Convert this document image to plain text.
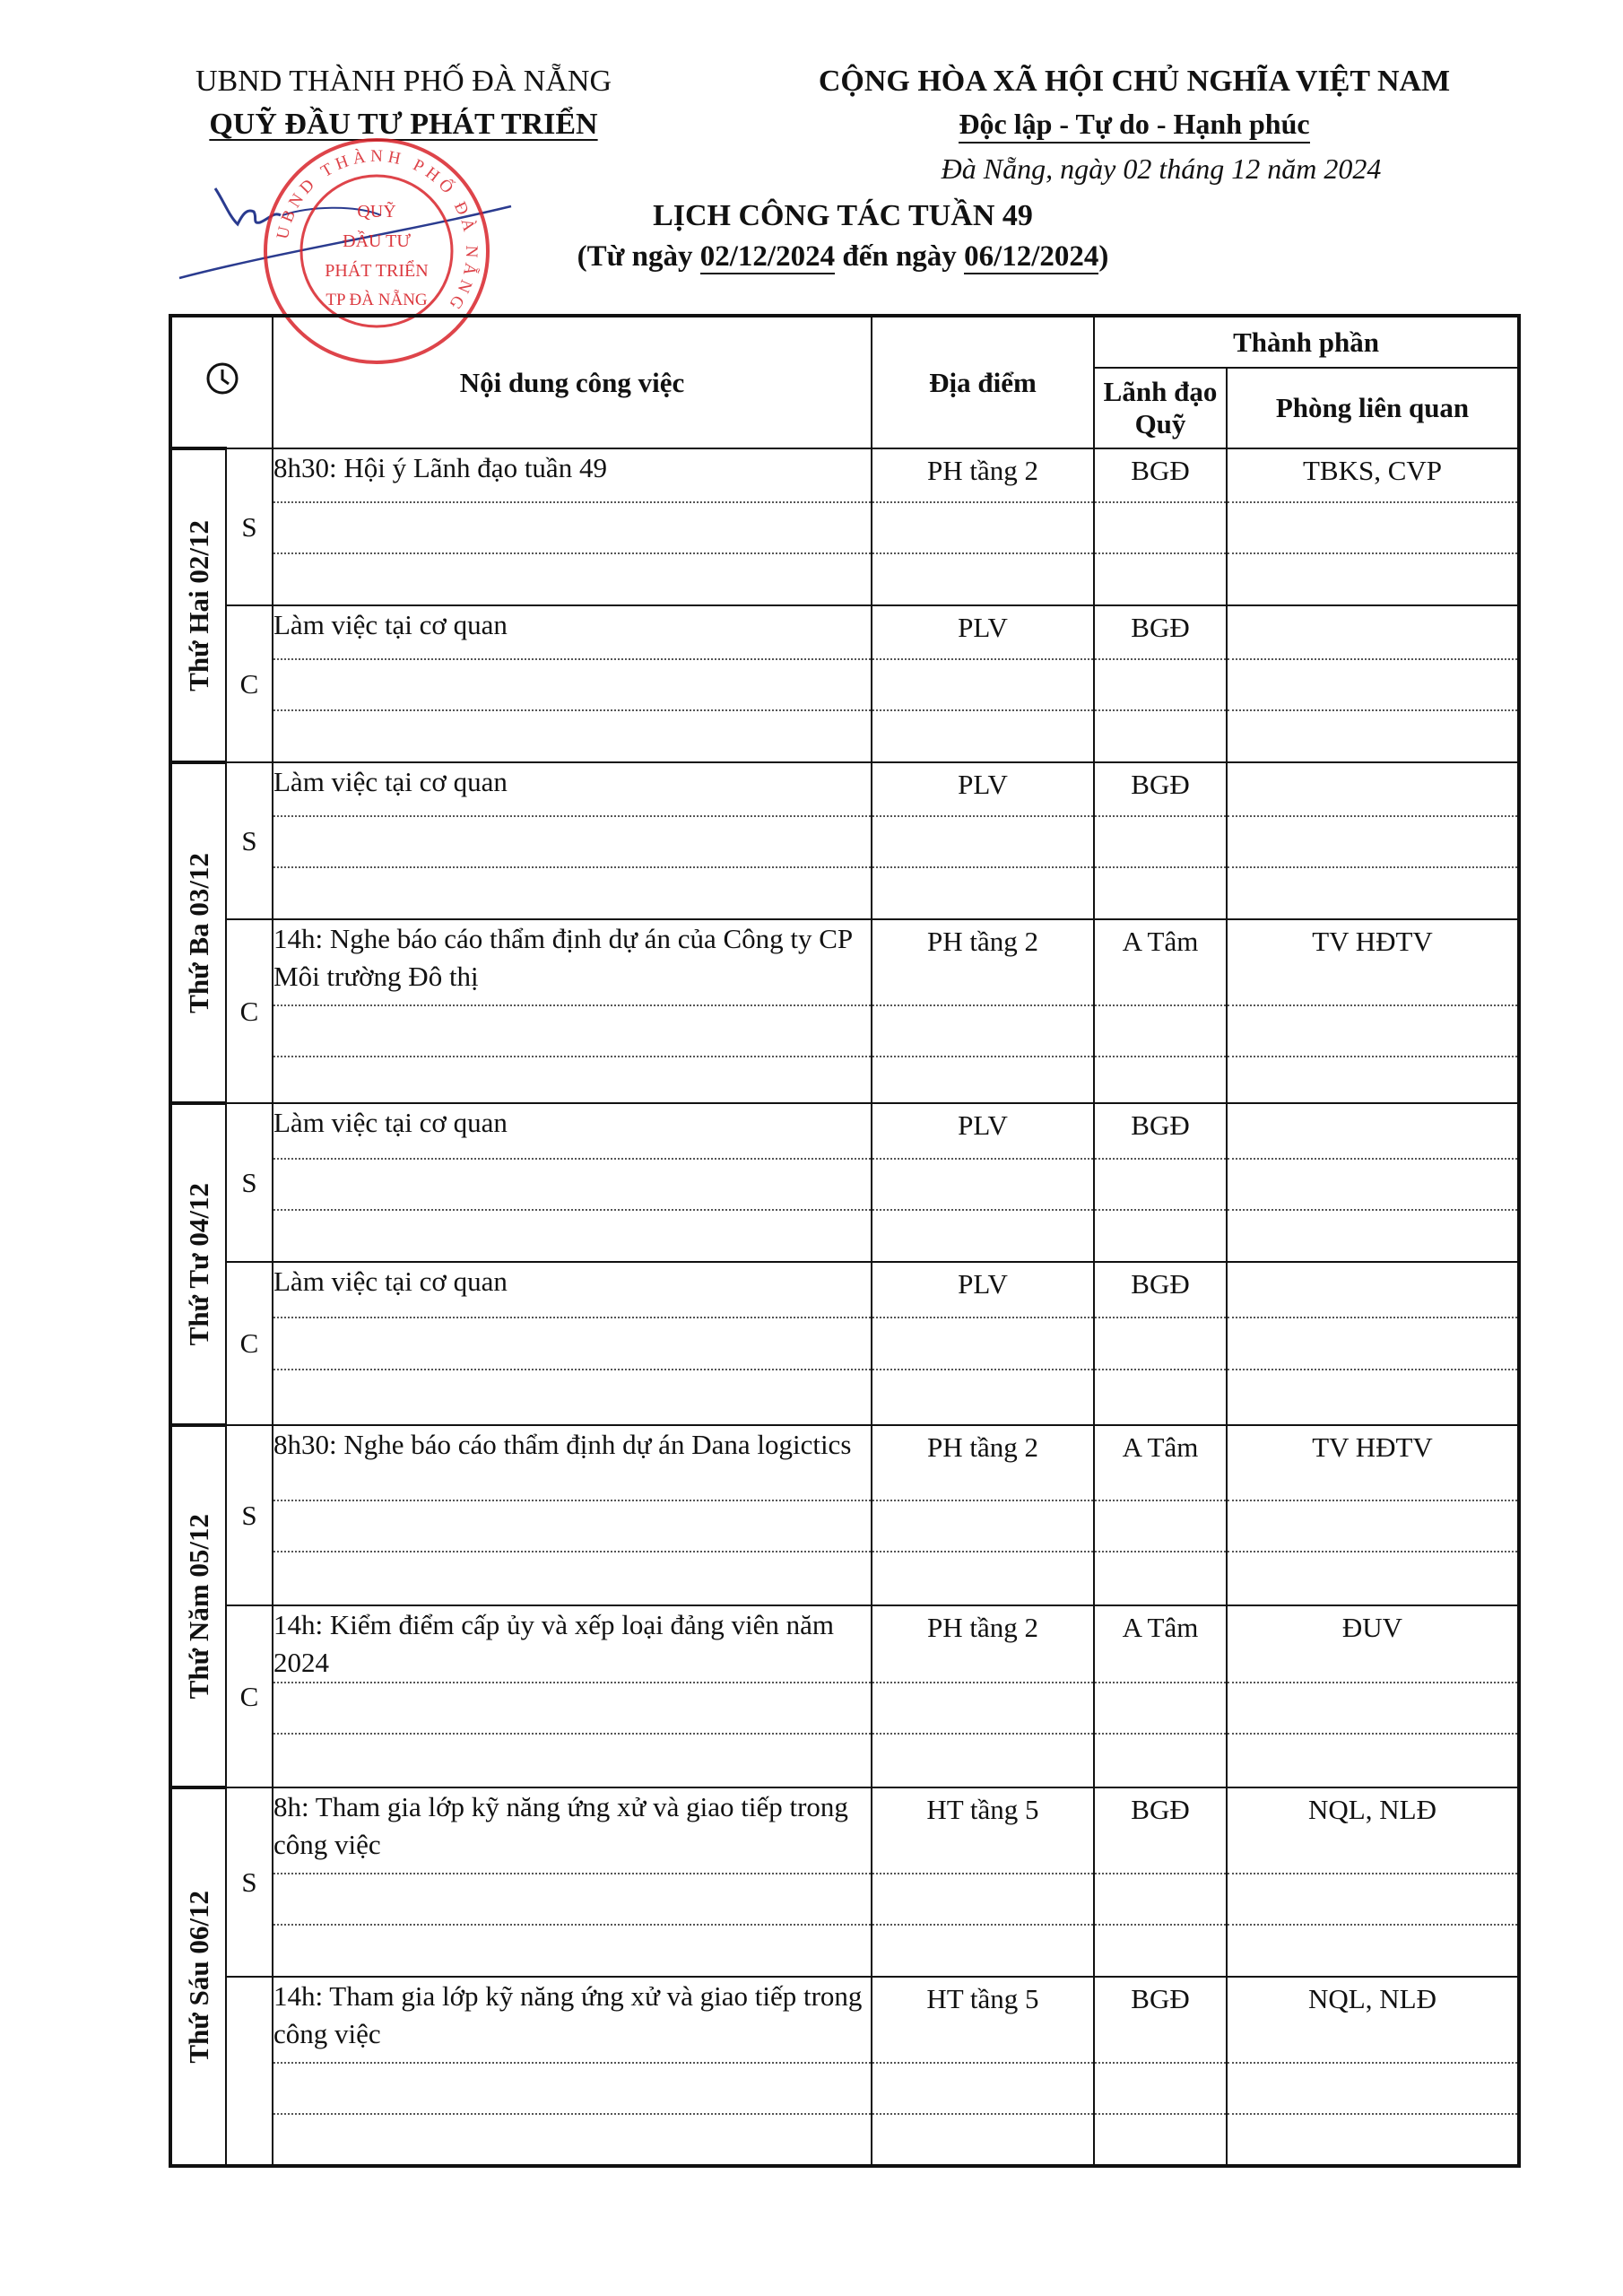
UBND THÀNH PHỐ ĐÀ NẴNG
QUỸ ĐẦU TƯ PHÁT TRIỂN
CỘNG HÒA XÃ HỘI CHỦ NGHĨA VIỆT NAM
Độc lập - Tự do - Hạnh phúc
Đà Nẵng, ngày 02 tháng 12 năm 2024
LỊCH CÔNG TÁC TUẦN 49
(Từ ngày 02/12/2024 đến ngày 06/12/2024)
UBND THÀNH PHỐ ĐÀ NẴNG
QUỸ
ĐẦU TƯ
PHÁT TRIỂN
TP ĐÀ NẴNG
	Nội dung công việc	Địa điểm	Thành phần	
				Lãnh đạo Quỹ	Phòng liên quan

Thứ Hai 02/12	S	8h30: Hội ý Lãnh đạo tuần 49	PH tầng 2	BGĐ	TBKS, CVP

	C	Làm việc tại cơ quan	PLV	BGĐ	

Thứ Ba 03/12	S	Làm việc tại cơ quan	PLV	BGĐ	

	C	14h: Nghe báo cáo thẩm định dự án của Công ty CP Môi trường Đô thị	PH tầng 2	A Tâm	TV HĐTV

Thứ Tư 04/12	S	Làm việc tại cơ quan	PLV	BGĐ	

	C	Làm việc tại cơ quan	PLV	BGĐ	

Thứ Năm 05/12	S	8h30: Nghe báo cáo thẩm định dự án Dana logictics	PH tầng 2	A Tâm	TV HĐTV

	C	14h: Kiểm điểm cấp ủy và xếp loại đảng viên năm 2024	PH tầng 2	A Tâm	ĐUV

Thứ Sáu 06/12	S	8h: Tham gia lớp kỹ năng ứng xử và giao tiếp trong công việc	HT tầng 5	BGĐ	NQL, NLĐ

		14h: Tham gia lớp kỹ năng ứng xử và giao tiếp trong công việc	HT tầng 5	BGĐ	NQL, NLĐ
